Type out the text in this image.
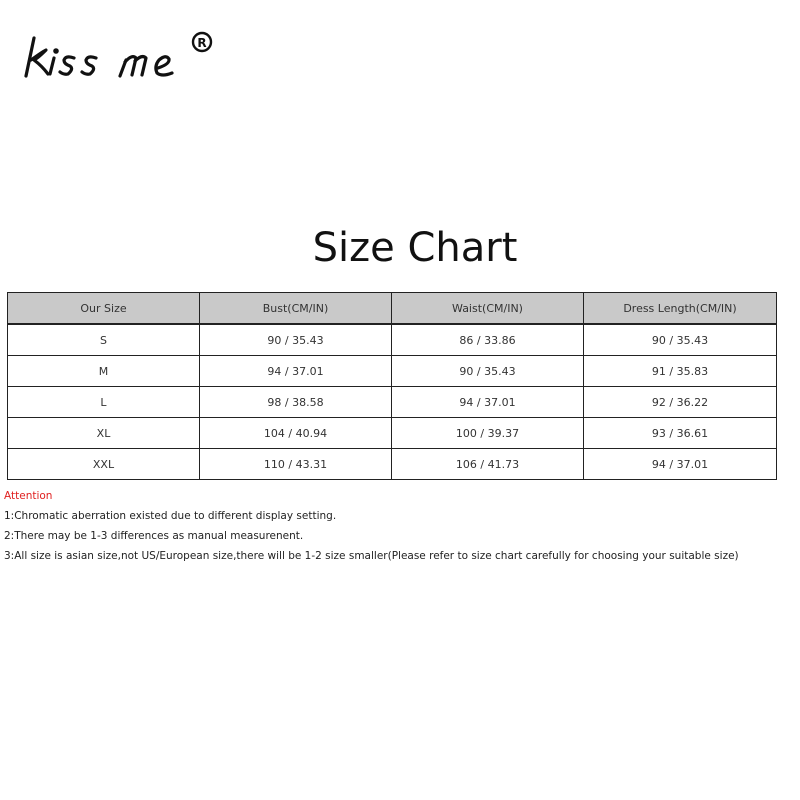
R
Size Chart
Our Size	Bust(CM/IN)	Waist(CM/IN)	Dress Length(CM/IN)
S	90 / 35.43	86 / 33.86	90 / 35.43
M	94 / 37.01	90 / 35.43	91 / 35.83
L	98 / 38.58	94 / 37.01	92 / 36.22
XL	104 / 40.94	100 / 39.37	93 / 36.61
XXL	110 / 43.31	106 / 41.73	94 / 37.01
Attention
1:Chromatic aberration existed due to different display setting.
2:There may be 1-3 differences as manual measurenent.
3:All size is asian size,not US/European size,there will be 1-2 size smaller(Please refer to size chart carefully for choosing your suitable size)
